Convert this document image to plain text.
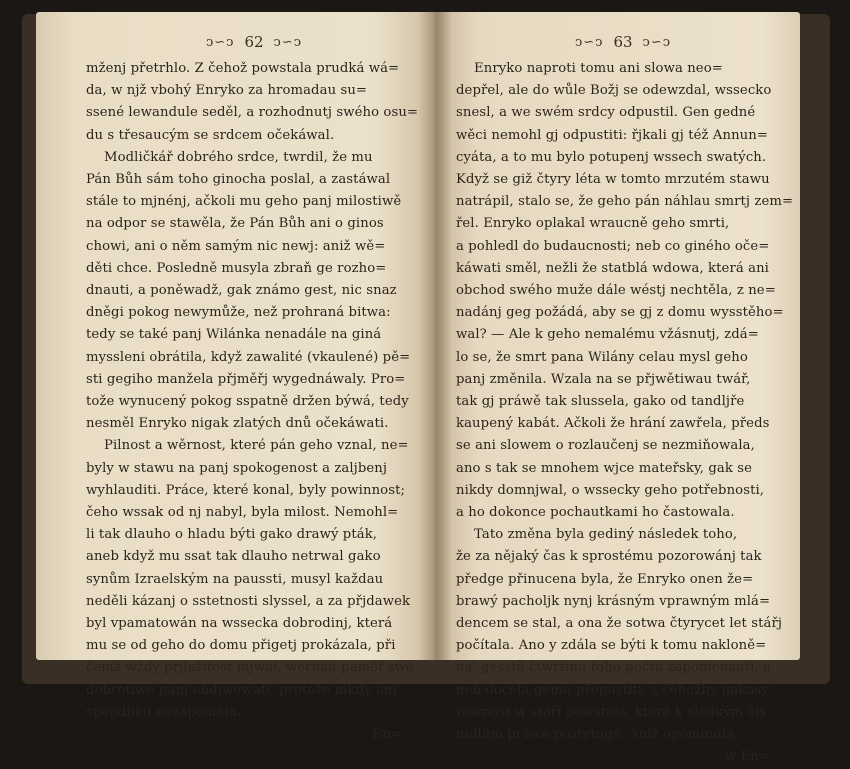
ↄ∽ↄ 62 ↄ∽ↄ
mženj přetrhlo. Z čehož powstala prudká wá=
da, w njž vbohý Enryko za hromadau su=
ssené lewandule seděl, a rozhodnutj swého osu=
du s třesaucým se srdcem očekáwal.
Modličkář dobrého srdce, twrdil, že mu
Pán Bůh sám toho ginocha poslal, a zastáwal
stále to mjnénj, ačkoli mu geho panj milostiwě
na odpor se stawěla, že Pán Bůh ani o ginos
chowi, ani o něm samým nic newj: aniž wě=
děti chce. Posledně musyla zbraň ge rozho=
dnauti, a poněwadž, gak známo gest, nic snaz
dněgi pokog newymůže, než prohraná bitwa:
tedy se také panj Wilánka nenadále na giná
myssleni obrátila, když zawalité (vkaulené) pě=
sti gegiho manžela přjměřj wygednáwaly. Pro=
tože wynucený pokog sspatně držen býwá, tedy
nesměl Enryko nigak zlatých dnů očekáwati.
Pilnost a wěrnost, které pán geho vznal, ne=
byly w stawu na panj spokogenost a zaljbenj
wyhlauditi. Práce, které konal, byly powinnost;
čeho wssak od nj nabyl, byla milost. Nemohl=
li tak dlauho o hladu býti gako drawý pták,
aneb když mu ssat tak dlauho netrwal gako
synům Izraelským na paussti, musyl každau
neděli kázanj o sstetnosti slyssel, a za přjdawek
byl vpamatowán na wssecka dobrodinj, která
mu se od geho do domu přigetj prokázala, při
čemž wždy přjležitost mjwal, wěrnau paměť swé
dobrotiwé panj obdiwowati, protože nikdy ani
spendljku nezapoměla.
En=
ↄ∽ↄ 63 ↄ∽ↄ
Enryko naproti tomu ani slowa neo=
depřel, ale do wůle Božj se odewzdal, wssecko
snesl, a we swém srdcy odpustil. Gen gedné
wěci nemohl gj odpustiti: řjkali gj též Annun=
cyáta, a to mu bylo potupenj wssech swatých.
Když se giž čtyry léta w tomto mrzutém stawu
natrápil, stalo se, že geho pán náhlau smrtj zem=
řel. Enryko oplakal wraucně geho smrti,
a pohledl do budaucnosti; neb co giného oče=
káwati směl, nežli že statblá wdowa, která ani
obchod swého muže dále wéstj nechtěla, z ne=
nadánj geg požádá, aby se gj z domu wysstěho=
wal? — Ale k geho nemalému vžásnutj, zdá=
lo se, že smrt pana Wilány celau mysl geho
panj změnila. Wzala na se přjwětiwau twář,
tak gj práwě tak slussela, gako od tandljře
kaupený kabát. Ačkoli že hrání zawřela, předs
se ani slowem o rozlaučenj se nezmiňowala,
ano s tak se mnohem wjce mateřsky, gak se
nikdy domnjwal, o wssecky geho potřebnosti,
a ho dokonce pochautkami ho častowala.
Tato změna byla gediný následek toho,
že za nějaký čas k sprostému pozorowánj tak
předge přinucena byla, že Enryko onen že=
brawý pacholjk nynj krásným vprawným mlá=
dencem se stal, a ona že sotwa čtyrycet let stářj
počítala. Ano y zdála se býti k tomu nakloně=
na, gesstě čtwrtinu toho počtu zapomenauti, a
neb docela gemu přepustiti; z čehožby gakásy
rownost w stářj powstala, která k sladkým čis
nidlům práwa postytuge. Aniž opominula,
w En=
